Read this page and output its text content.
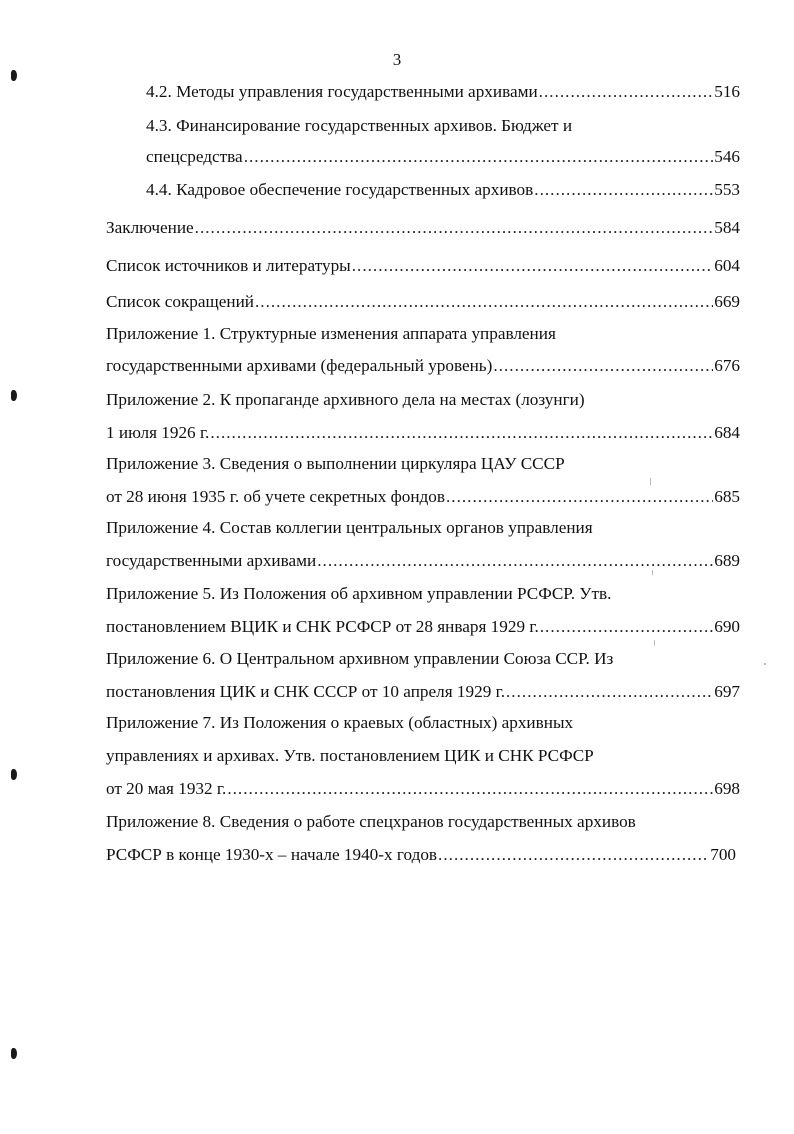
3
4.2. Методы управления государственными архивами .....	516
4.3. Финансирование государственных архивов. Бюджет и
спецсредства .....	546
4.4. Кадровое обеспечение государственных архивов .....	553
Заключение .....	584
Список источников и литературы .....	604
Список сокращений .....	669
Приложение 1. Структурные изменения аппарата управления
государственными архивами (федеральный уровень) .....	676
Приложение 2. К пропаганде архивного дела на местах (лозунги)
1 июля 1926 г. .....	684
Приложение 3. Сведения о выполнении циркуляра ЦАУ СССР
от 28 июня 1935 г. об учете секретных фондов .....	685
Приложение 4. Состав коллегии центральных органов управления
государственными архивами .....	689
Приложение 5. Из Положения об архивном управлении РСФСР. Утв.
постановлением ВЦИК и СНК РСФСР от 28 января 1929 г. .....	690
Приложение 6. О Центральном архивном управлении Союза ССР. Из
постановления ЦИК и СНК СССР от 10 апреля 1929 г. .....	697
Приложение 7. Из Положения о краевых (областных) архивных
управлениях и архивах. Утв. постановлением ЦИК и СНК РСФСР
от 20 мая 1932 г. .....	698
Приложение 8. Сведения о работе спецхранов государственных архивов
РСФСР в конце 1930-х – начале 1940-х годов .....	700
